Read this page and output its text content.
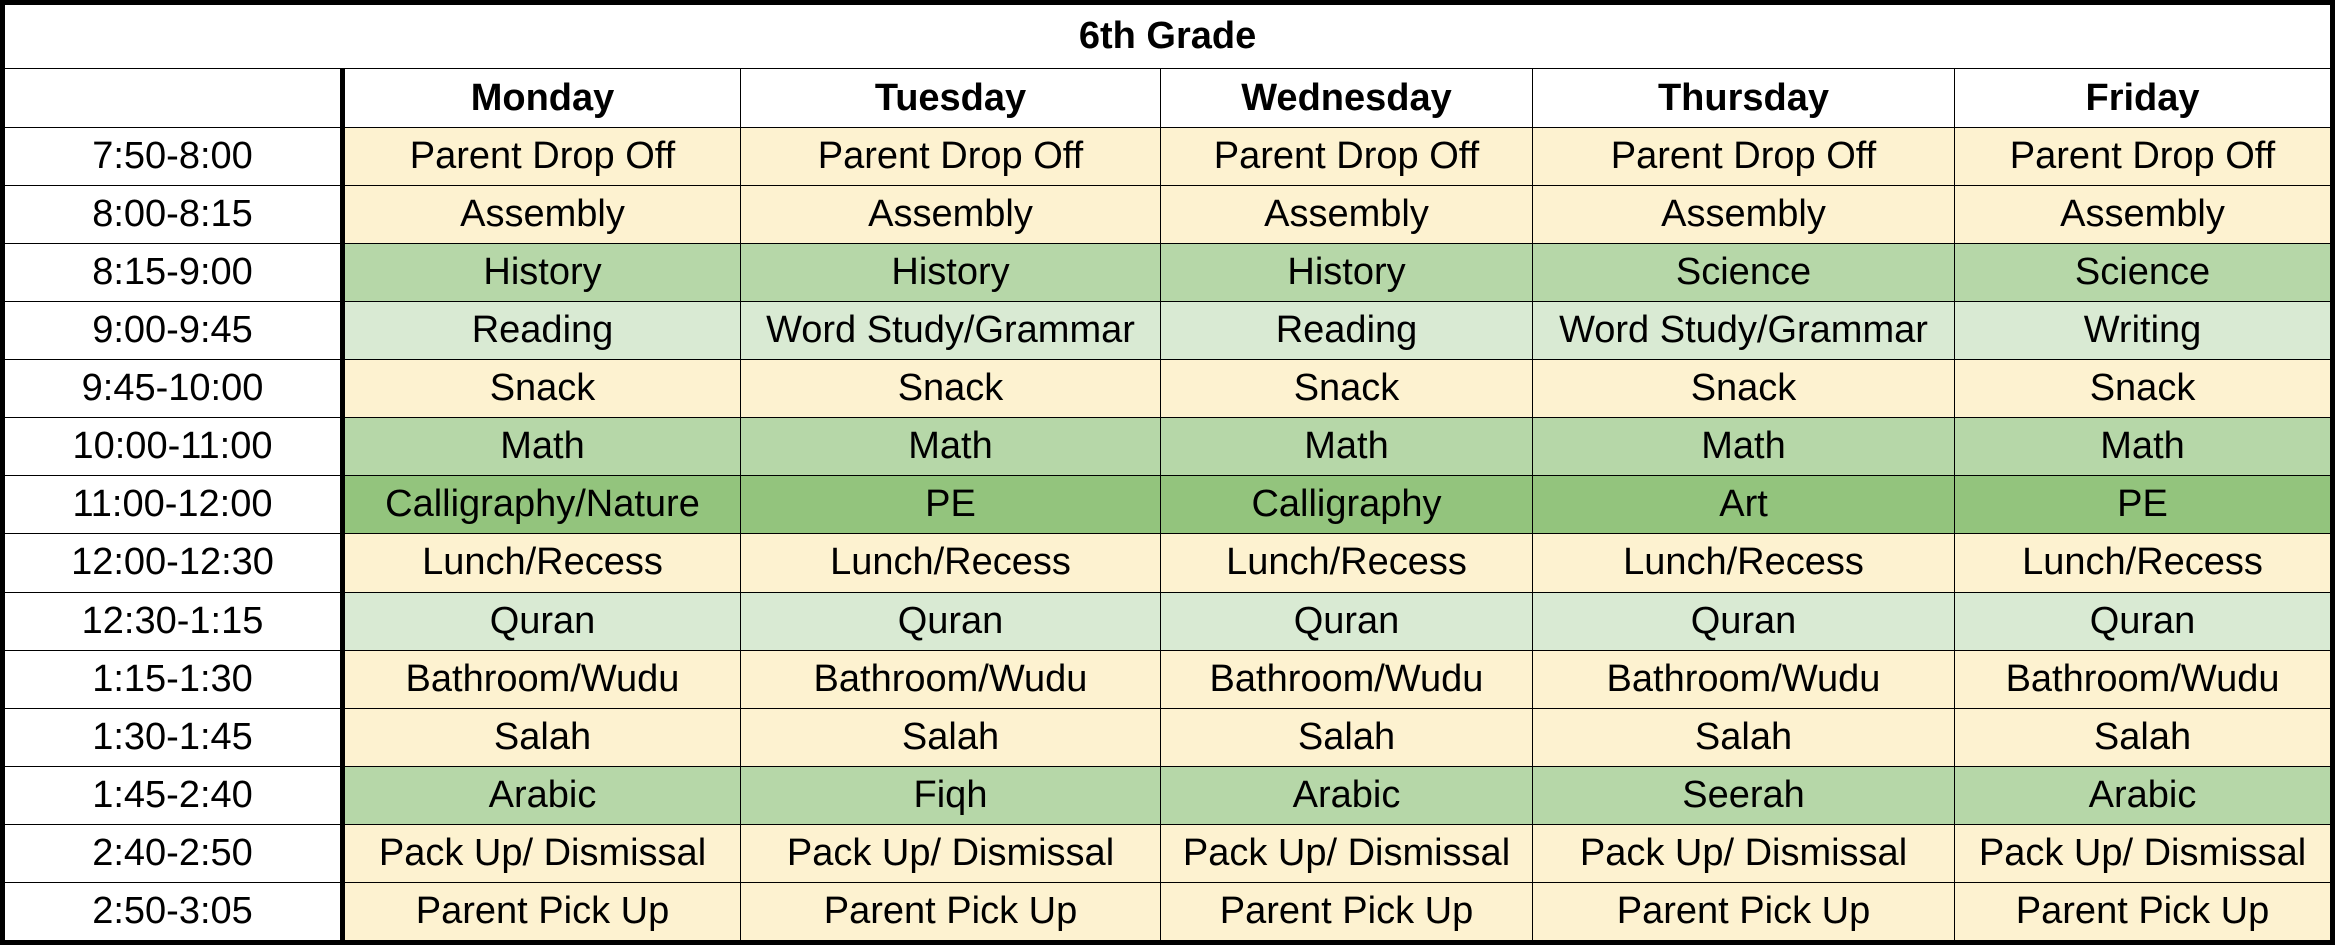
6th Grade					
	Monday	Tuesday	Wednesday	Thursday	Friday
7:50-8:00	Parent Drop Off	Parent Drop Off	Parent Drop Off	Parent Drop Off	Parent Drop Off
8:00-8:15	Assembly	Assembly	Assembly	Assembly	Assembly
8:15-9:00	History	History	History	Science	Science
9:00-9:45	Reading	Word Study/Grammar	Reading	Word Study/Grammar	Writing
9:45-10:00	Snack	Snack	Snack	Snack	Snack
10:00-11:00	Math	Math	Math	Math	Math
11:00-12:00	Calligraphy/Nature	PE	Calligraphy	Art	PE
12:00-12:30	Lunch/Recess	Lunch/Recess	Lunch/Recess	Lunch/Recess	Lunch/Recess
12:30-1:15	Quran	Quran	Quran	Quran	Quran
1:15-1:30	Bathroom/Wudu	Bathroom/Wudu	Bathroom/Wudu	Bathroom/Wudu	Bathroom/Wudu
1:30-1:45	Salah	Salah	Salah	Salah	Salah
1:45-2:40	Arabic	Fiqh	Arabic	Seerah	Arabic
2:40-2:50	Pack Up/ Dismissal	Pack Up/ Dismissal	Pack Up/ Dismissal	Pack Up/ Dismissal	Pack Up/ Dismissal
2:50-3:05	Parent Pick Up	Parent Pick Up	Parent Pick Up	Parent Pick Up	Parent Pick Up
